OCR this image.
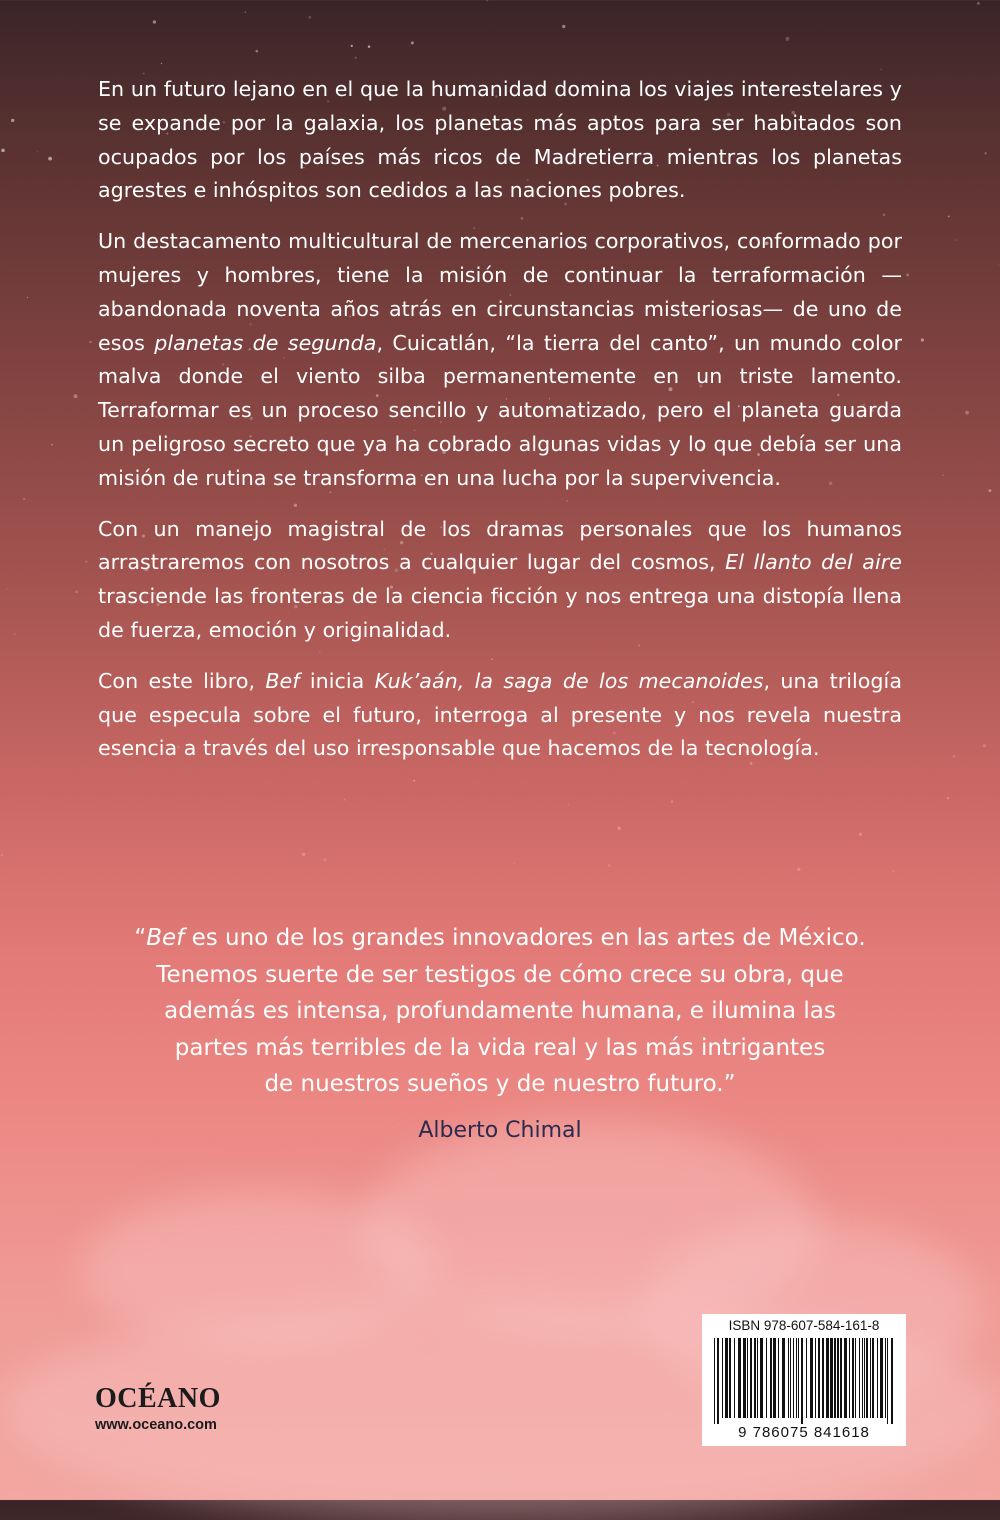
En un futuro lejano en el que la humanidad domina los viajes interestelares y se expande por la galaxia, los planetas más aptos para ser habitados son ocupados por los países más ricos de Madretierra mientras los planetas agrestes e inhóspitos son cedidos a las naciones pobres.

Un destacamento multicultural de mercenarios corporativos, conformado por mujeres y hombres, tiene la misión de continuar la terraformación —abandonada noventa años atrás en circunstancias misteriosas— de uno de esos planetas de segunda, Cuicatlán, “la tierra del canto”, un mundo color malva donde el viento silba permanentemente en un triste lamento. Terraformar es un proceso sencillo y automatizado, pero el planeta guarda un peligroso secreto que ya ha cobrado algunas vidas y lo que debía ser una misión de rutina se transforma en una lucha por la supervivencia.

Con un manejo magistral de los dramas personales que los humanos arrastraremos con nosotros a cualquier lugar del cosmos, El llanto del aire trasciende las fronteras de la ciencia ficción y nos entrega una distopía llena de fuerza, emoción y originalidad.

Con este libro, Bef inicia Kuk’aán, la saga de los mecanoides, una trilogía que especula sobre el futuro, interroga al presente y nos revela nuestra esencia a través del uso irresponsable que hacemos de la tecnología.

“Bef es uno de los grandes innovadores en las artes de México.
Tenemos suerte de ser testigos de cómo crece su obra, que
además es intensa, profundamente humana, e ilumina las
partes más terribles de la vida real y las más intrigantes
de nuestros sueños y de nuestro futuro.”
Alberto Chimal
OCÉANO
www.oceano.com
ISBN 978-607-584-161-8
9 786075 841618
